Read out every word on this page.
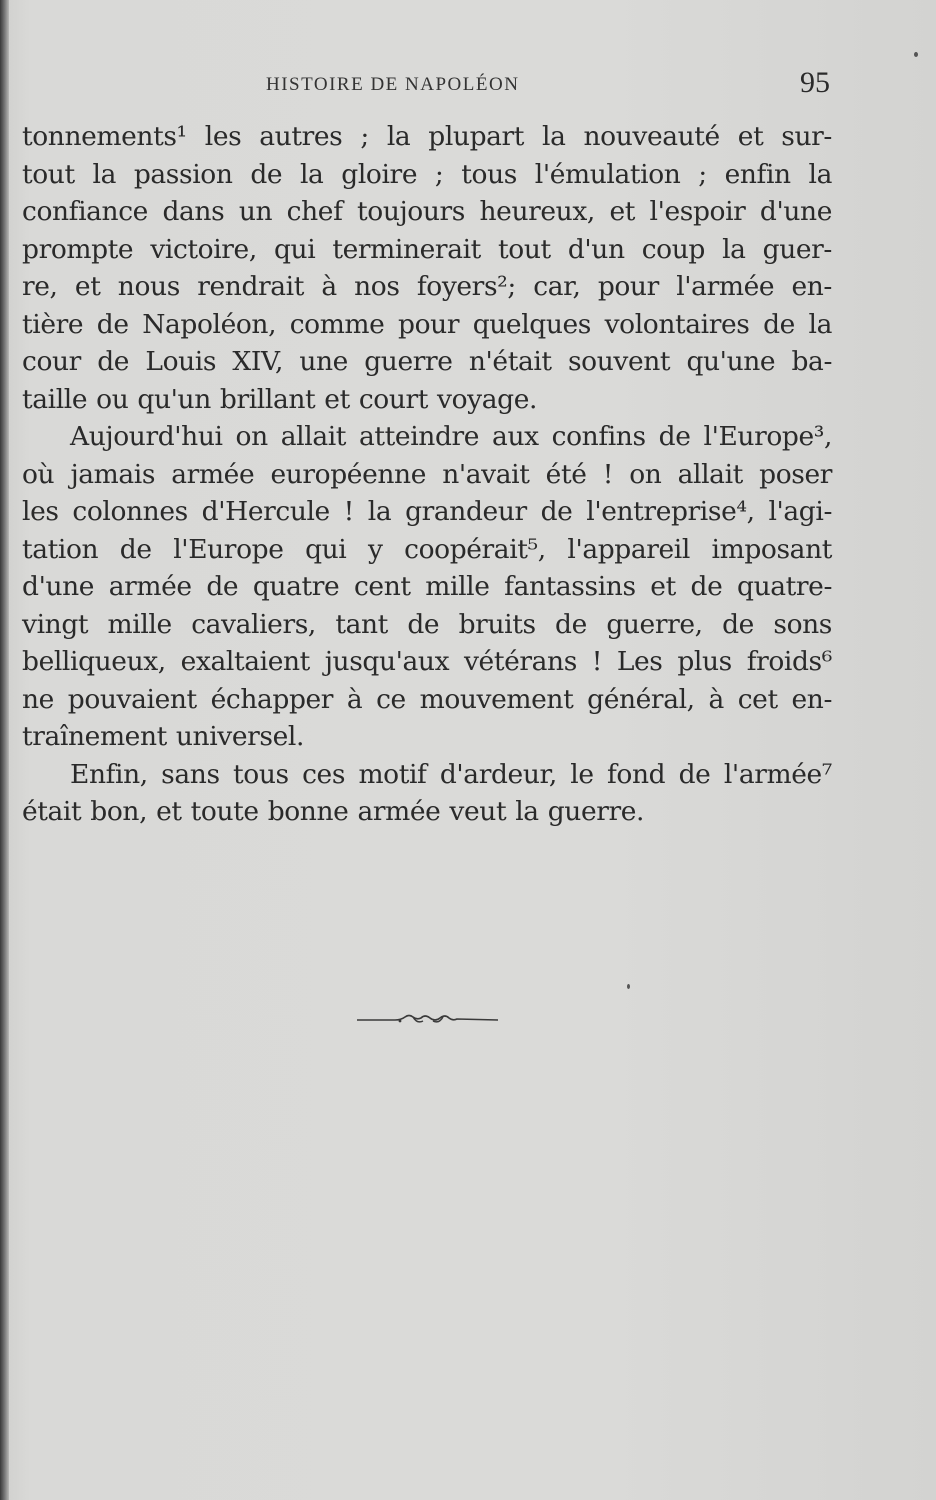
HISTOIRE DE NAPOLÉON	95
tonnements¹ les autres ; la plupart la nouveauté et sur-
tout la passion de la gloire ; tous l'émulation ; enfin la
confiance dans un chef toujours heureux, et l'espoir d'une
prompte victoire, qui terminerait tout d'un coup la guer-
re, et nous rendrait à nos foyers²; car, pour l'armée en-
tière de Napoléon, comme pour quelques volontaires de la
cour de Louis XIV, une guerre n'était souvent qu'une ba-
taille ou qu'un brillant et court voyage.
Aujourd'hui on allait atteindre aux confins de l'Europe³,
où jamais armée européenne n'avait été ! on allait poser
les colonnes d'Hercule ! la grandeur de l'entreprise⁴, l'agi-
tation de l'Europe qui y coopérait⁵, l'appareil imposant
d'une armée de quatre cent mille fantassins et de quatre-
vingt mille cavaliers, tant de bruits de guerre, de sons
belliqueux, exaltaient jusqu'aux vétérans ! Les plus froids⁶
ne pouvaient échapper à ce mouvement général, à cet en-
traînement universel.
Enfin, sans tous ces motif d'ardeur, le fond de l'armée⁷
était bon, et toute bonne armée veut la guerre.
